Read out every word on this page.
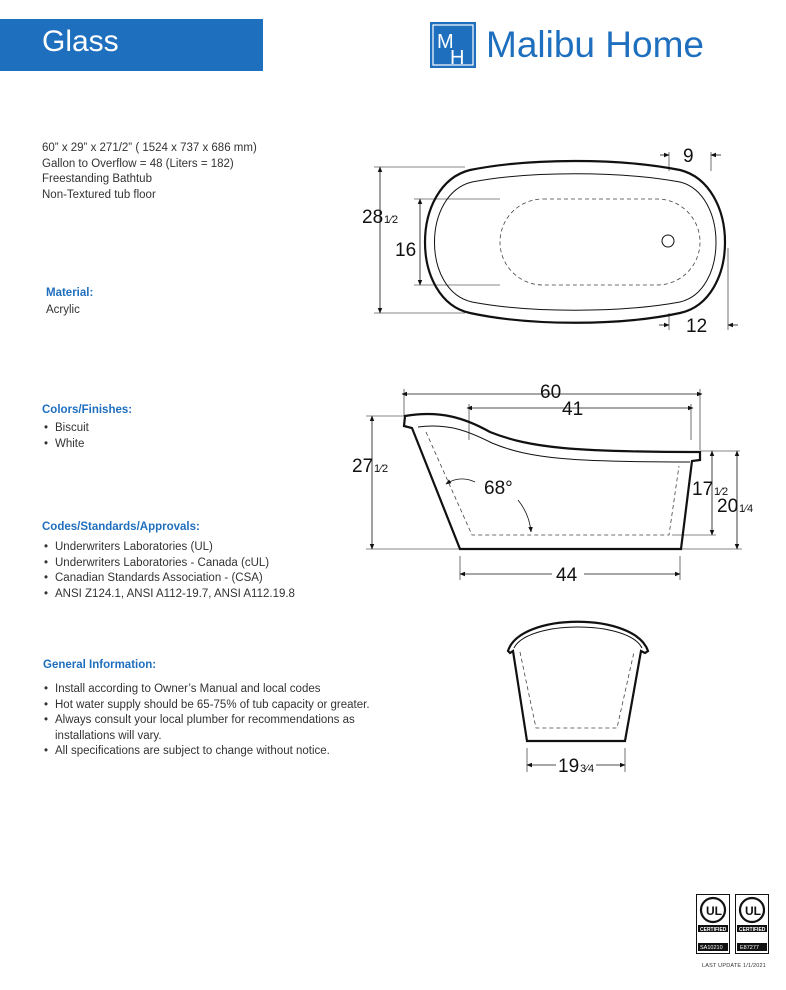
Glass	M
H Malibu Home
60” x 29” x 271/2” ( 1524 x 737 x 686 mm)
Gallon to Overflow = 48 (Liters = 182)
Freestanding Bathtub
Non-Textured tub floor
Material:
Acrylic
Colors/Finishes:
• Biscuit
• White
Codes/Standards/Approvals:
• Underwriters Laboratories (UL)
• Underwriters Laboratories - Canada (cUL)
• Canadian Standards Association - (CSA)
• ANSI Z124.1, ANSI A112-19.7, ANSI A112.19.8
General Information:
• Install according to Owner’s Manual and local codes
• Hot water supply should be 65-75% of tub capacity or greater.
• Always consult your local plumber for recommendations as installations will vary.
• All specifications are subject to change without notice.
28 1⁄2
16
9
12
60
41
27 1⁄2
68°	17 1⁄2
20 1⁄4
44
19 3⁄4
UL
CERTIFIED
SA10210
UL
CERTIFIED
E87277
LAST UPDATE 1/1/2021
